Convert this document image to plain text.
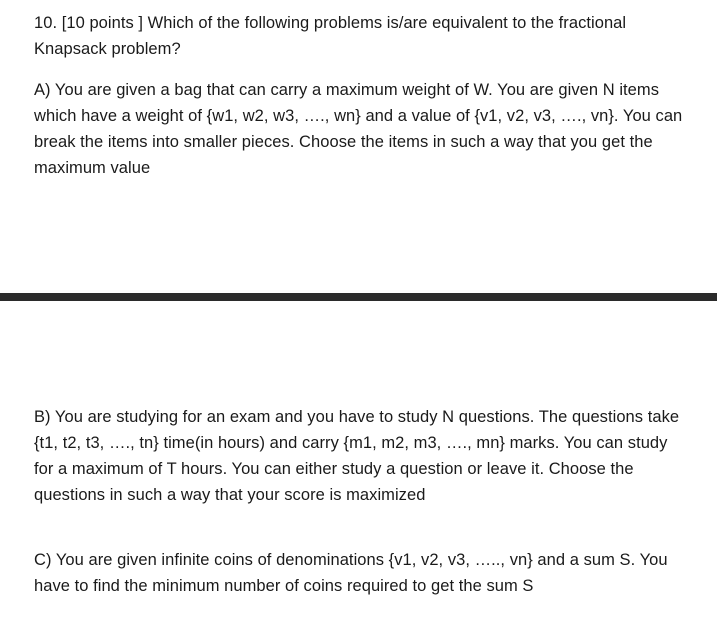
10. [10 points ] Which of the following problems is/are equivalent to the fractional Knapsack problem?

A) You are given a bag that can carry a maximum weight of W. You are given N items which have a weight of {w1, w2, w3, …., wn} and a value of {v1, v2, v3, …., vn}. You can break the items into smaller pieces. Choose the items in such a way that you get the maximum value

B) You are studying for an exam and you have to study N questions. The questions take {t1, t2, t3, …., tn} time(in hours) and carry {m1, m2, m3, …., mn} marks. You can study for a maximum of T hours. You can either study a question or leave it. Choose the questions in such a way that your score is maximized

C) You are given infinite coins of denominations {v1, v2, v3, ….., vn} and a sum S. You have to find the minimum number of coins required to get the sum S
